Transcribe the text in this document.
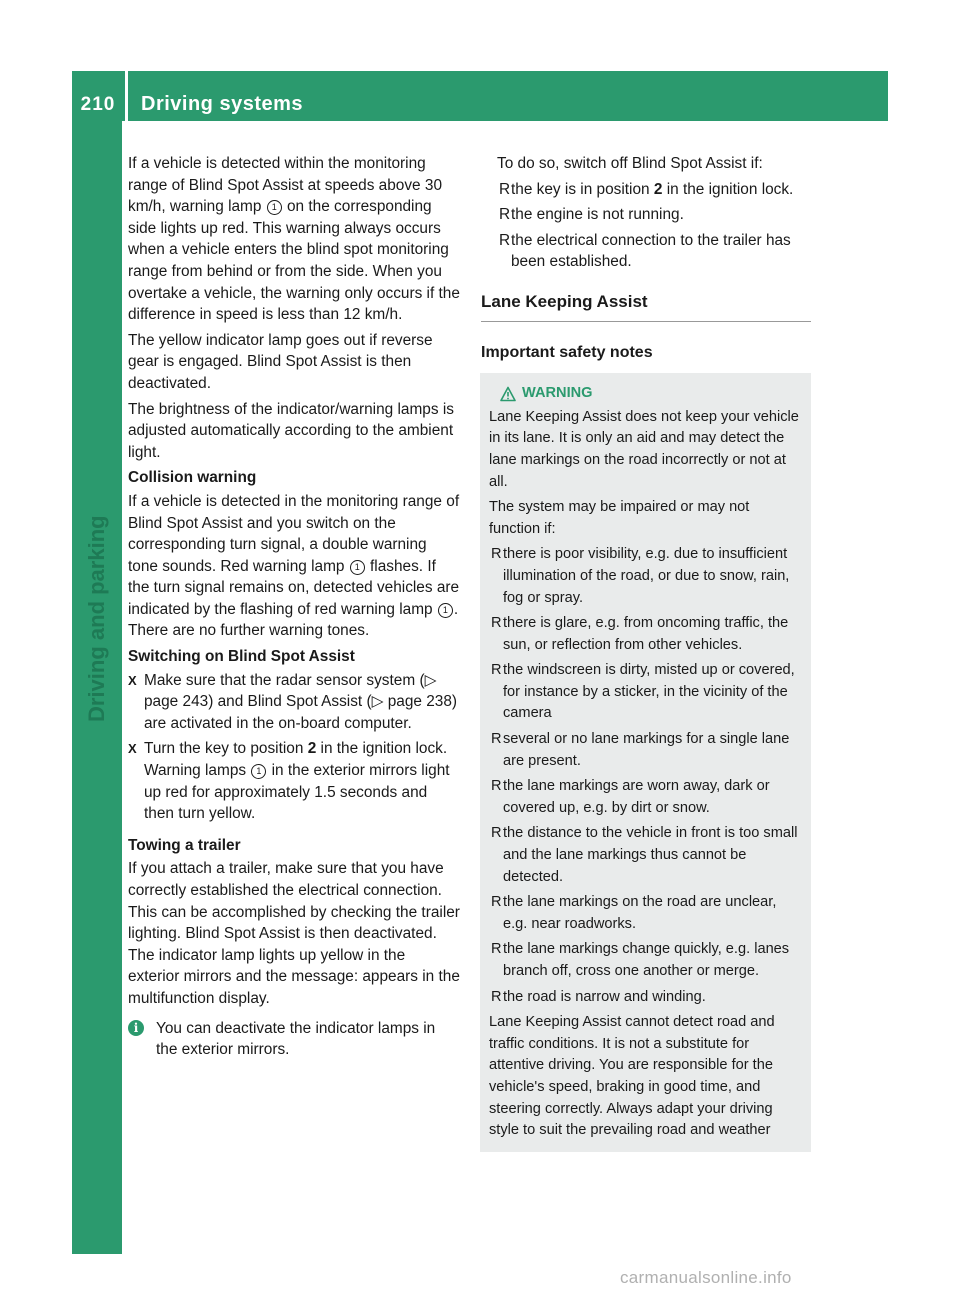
210 Driving systems
Driving and parking

If a vehicle is detected within the monitoring range of Blind Spot Assist at speeds above 30 km/h, warning lamp 1 on the corresponding side lights up red. This warning always occurs when a vehicle enters the blind spot monitoring range from behind or from the side. When you overtake a vehicle, the warning only occurs if the difference in speed is less than 12 km/h.

The yellow indicator lamp goes out if reverse gear is engaged. Blind Spot Assist is then deactivated.

The brightness of the indicator/warning lamps is adjusted automatically according to the ambient light.

Collision warning

If a vehicle is detected in the monitoring range of Blind Spot Assist and you switch on the corresponding turn signal, a double warning tone sounds. Red warning lamp 1 flashes. If the turn signal remains on, detected vehicles are indicated by the flashing of red warning lamp 1 . There are no further warning tones.

Switching on Blind Spot Assist
X Make sure that the radar sensor system (▷ page 243) and Blind Spot Assist (▷ page 238) are activated in the on-board computer.
X Turn the key to position 2 in the ignition lock.
Warning lamps 1 in the exterior mirrors light up red for approximately 1.5 seconds and then turn yellow.
Towing a trailer

If you attach a trailer, make sure that you have correctly established the electrical connection. This can be accomplished by checking the trailer lighting. Blind Spot Assist is then deactivated. The indicator lamp lights up yellow in the exterior mirrors and the message: appears in the multifunction display.

i	You can deactivate the indicator lamps in the exterior mirrors.

To do so, switch off Blind Spot Assist if:

R the key is in position 2 in the ignition lock.
R the engine is not running.
R the electrical connection to the trailer has been established.
Lane Keeping Assist
Important safety notes
WARNING

Lane Keeping Assist does not keep your vehicle in its lane. It is only an aid and may detect the lane markings on the road incorrectly or not at all.

The system may be impaired or may not function if:

R there is poor visibility, e.g. due to insufficient illumination of the road, or due to snow, rain, fog or spray.
R there is glare, e.g. from oncoming traffic, the sun, or reflection from other vehicles.
R the windscreen is dirty, misted up or covered, for instance by a sticker, in the vicinity of the camera
R several or no lane markings for a single lane are present.
R the lane markings are worn away, dark or covered up, e.g. by dirt or snow.
R the distance to the vehicle in front is too small and the lane markings thus cannot be detected.
R the lane markings on the road are unclear, e.g. near roadworks.
R the lane markings change quickly, e.g. lanes branch off, cross one another or merge.
R the road is narrow and winding.

Lane Keeping Assist cannot detect road and traffic conditions. It is not a substitute for attentive driving. You are responsible for the vehicle's speed, braking in good time, and steering correctly. Always adapt your driving style to suit the prevailing road and weather

carmanualsonline.info
